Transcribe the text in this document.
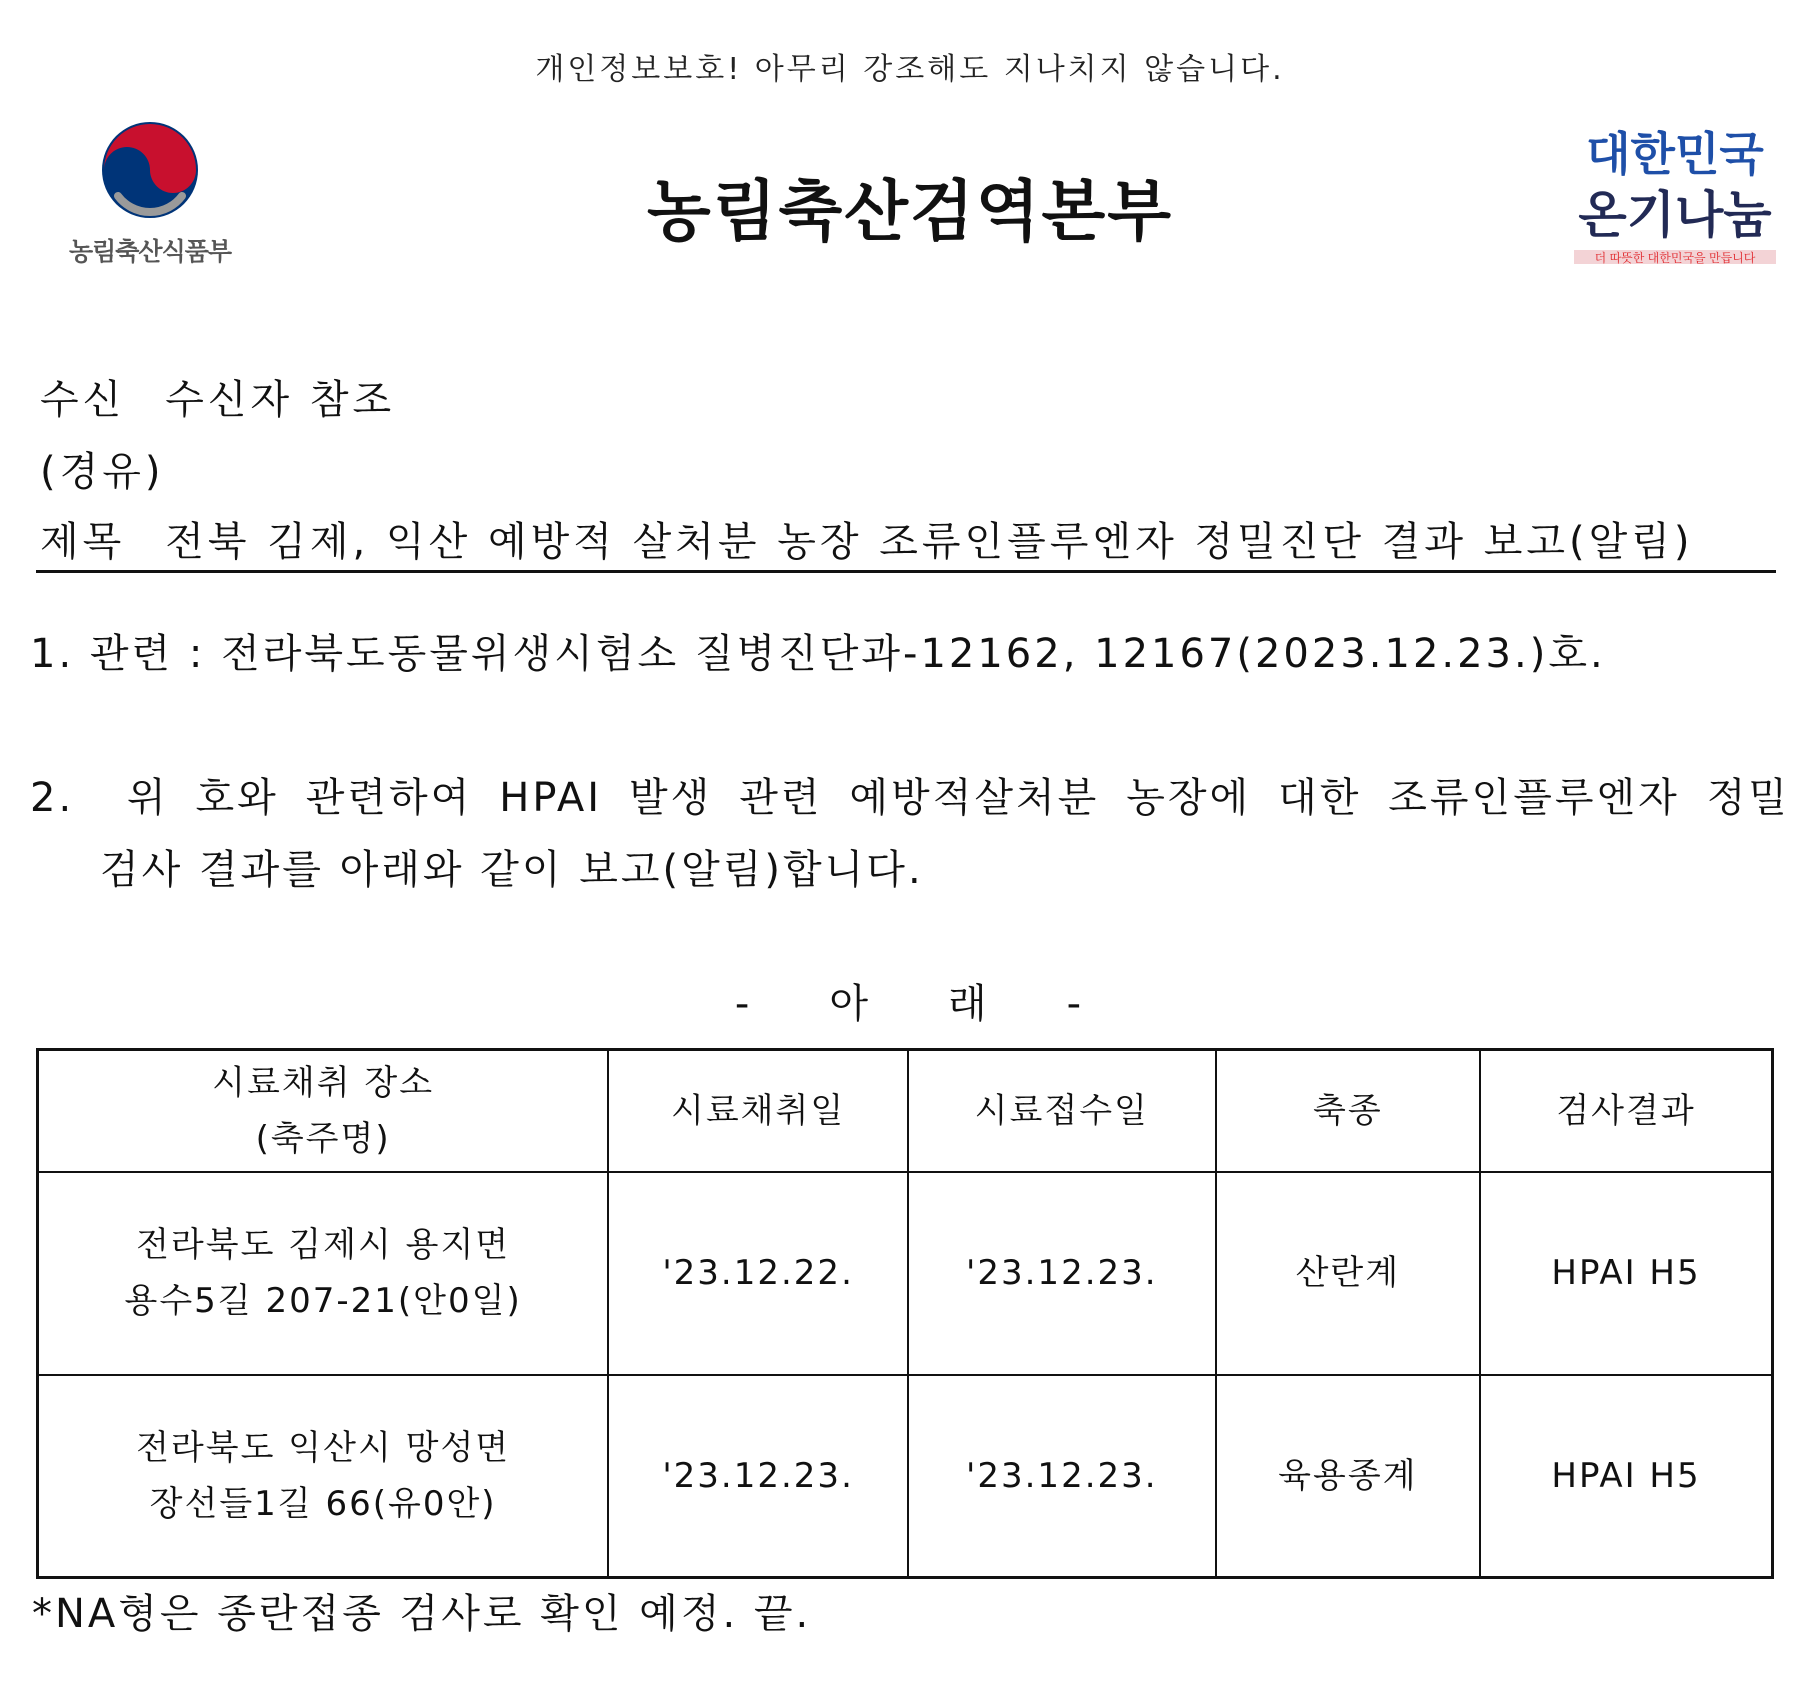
개인정보보호! 아무리 강조해도 지나치지 않습니다.
농림축산식품부
농림축산검역본부
대한민국
온기나눔
더 따뜻한 대한민국을 만듭니다
수신 수신자 참조
(경유)
제목 전북 김제, 익산 예방적 살처분 농장 조류인플루엔자 정밀진단 결과 보고(알림)
1. 관련 : 전라북도동물위생시험소 질병진단과-12162, 12167(2023.12.23.)호.
2.	위 호와 관련하여 HPAI 발생 관련 예방적살처분 농장에 대한 조류인플루엔자 정밀
검사 결과를 아래와 같이 보고(알림)합니다.
- 아 래 -
시료채취 장소
(축주명)	시료채취일	시료접수일	축종	검사결과
전라북도 김제시 용지면
용수5길 207-21(안0일)	'23.12.22.	'23.12.23.	산란계	HPAI H5
전라북도 익산시 망성면
장선들1길 66(유0안)	'23.12.23.	'23.12.23.	육용종계	HPAI H5
*NA형은 종란접종 검사로 확인 예정. 끝.
